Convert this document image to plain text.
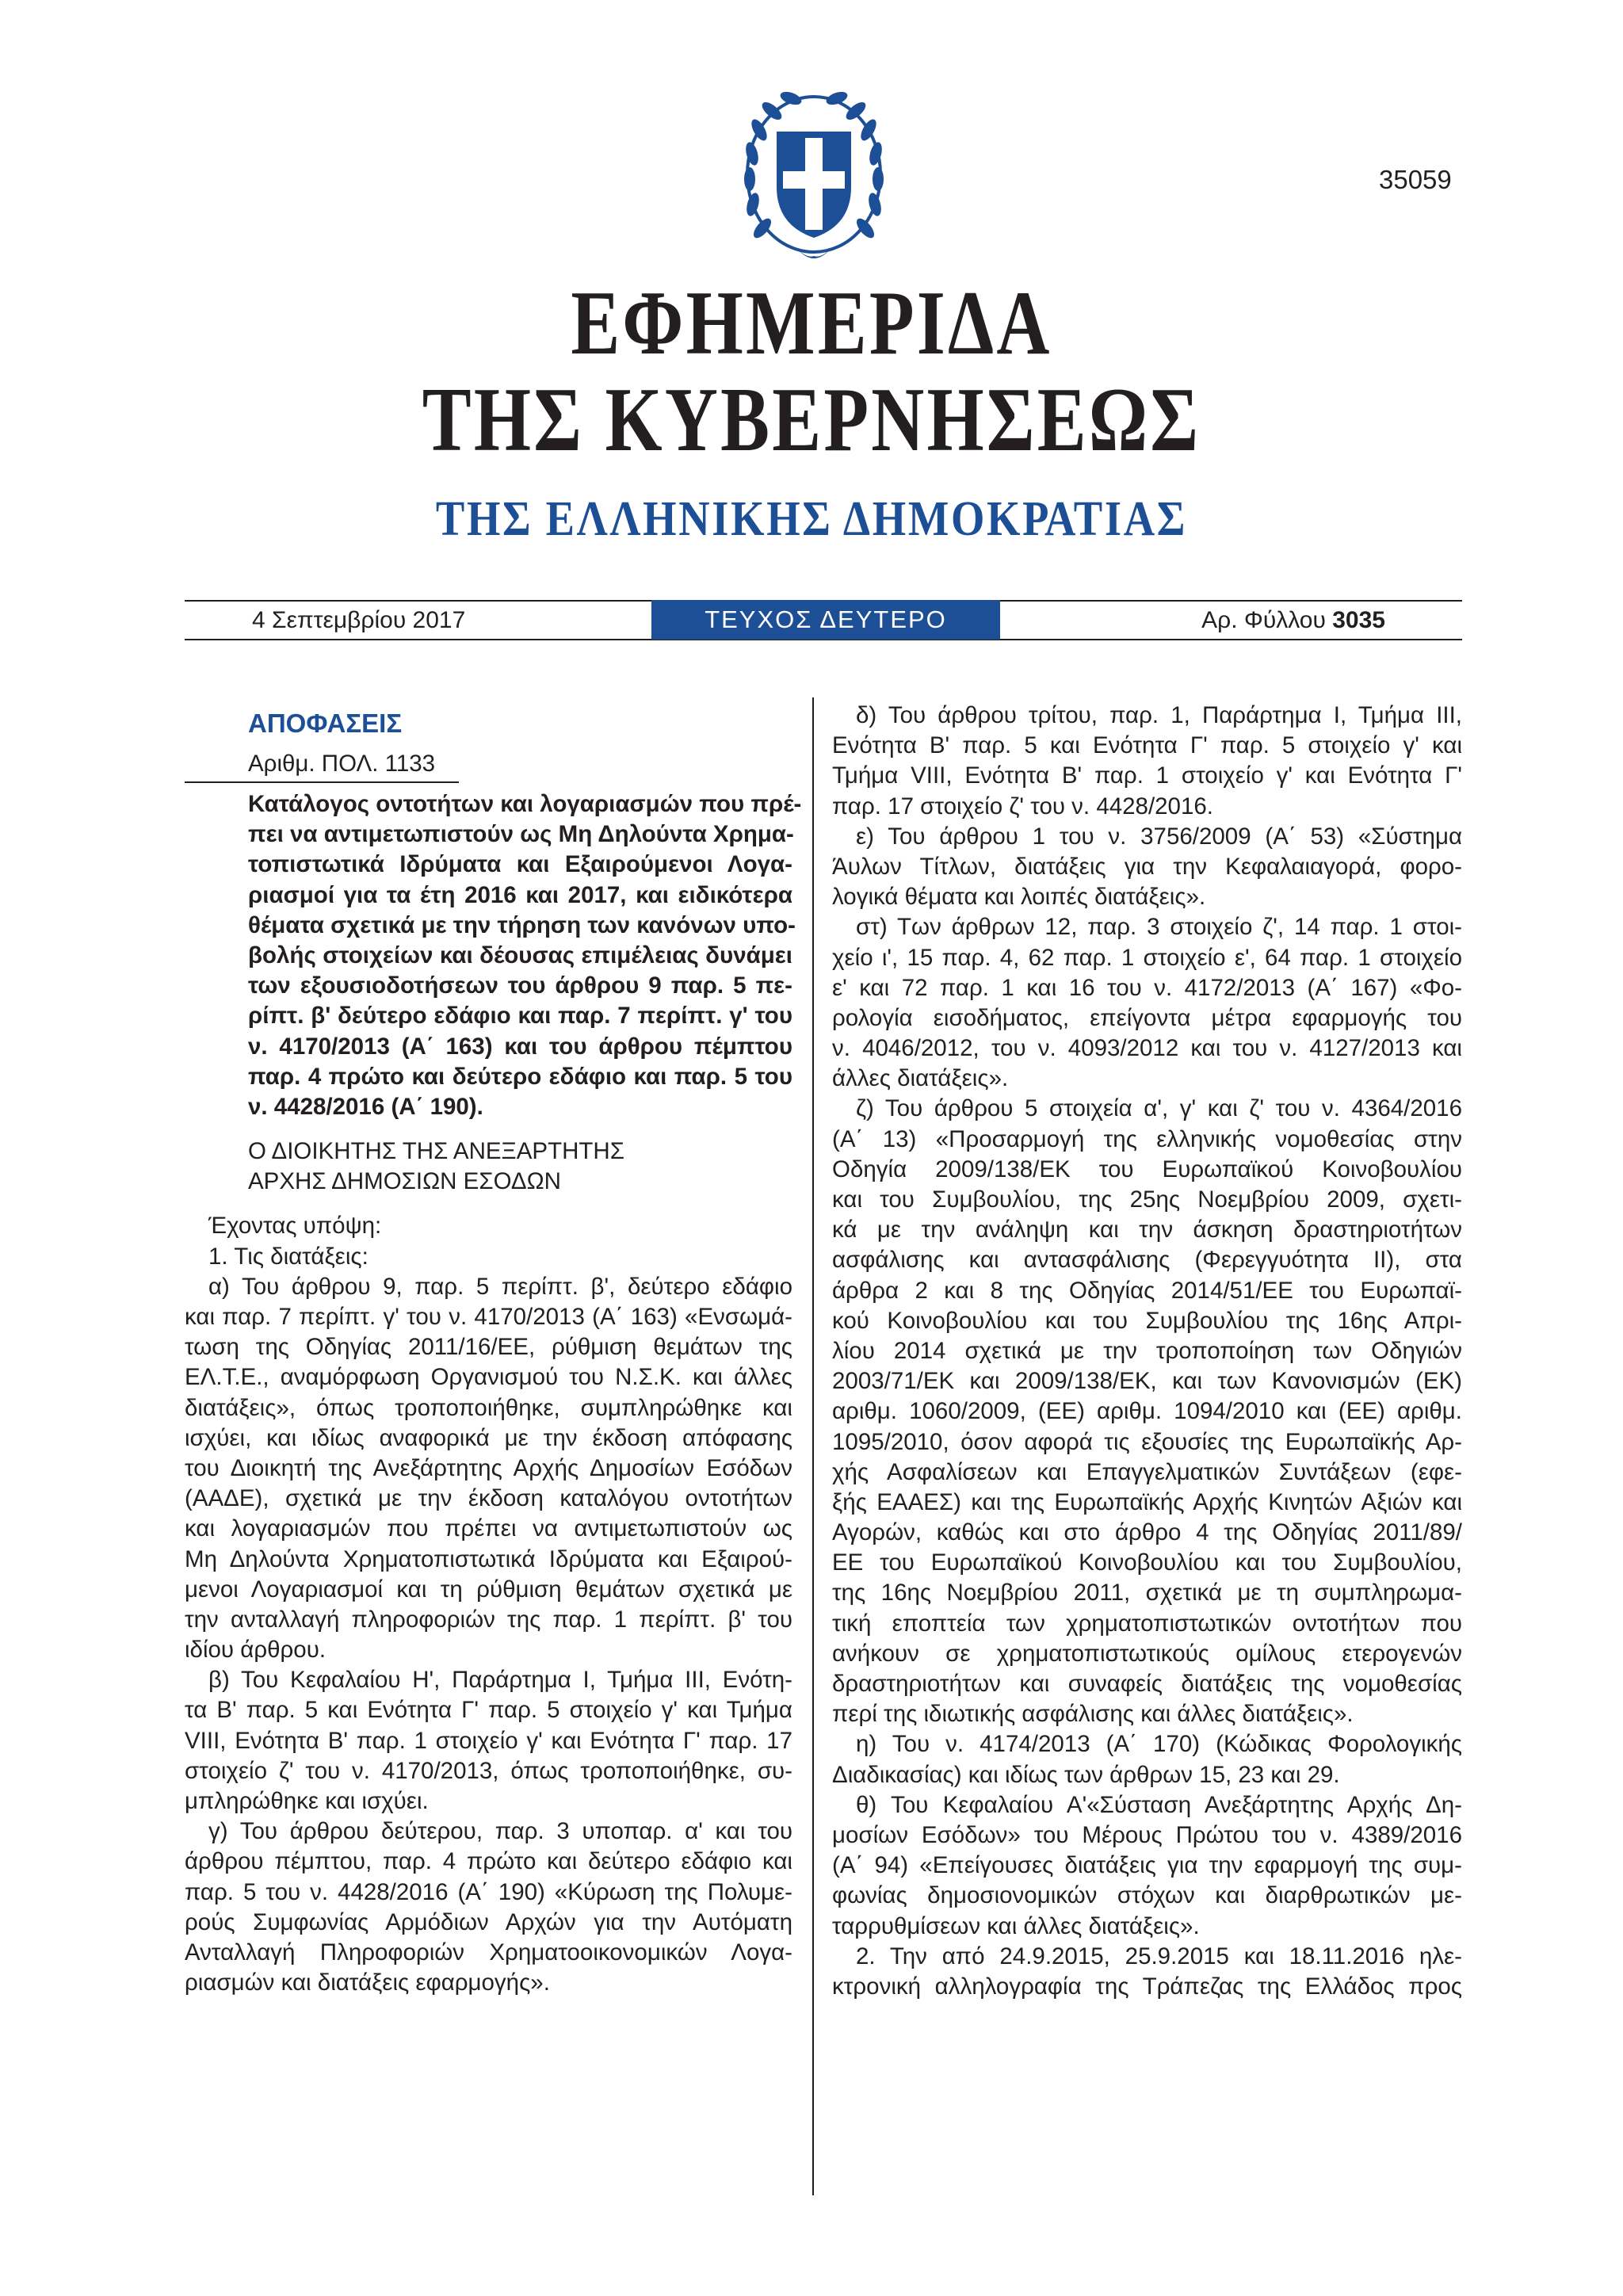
35059
ΕΦΗΜΕΡΙΔΑ
ΤΗΣ ΚΥΒΕΡΝΗΣΕΩΣ
ΤΗΣ ΕΛΛΗΝΙΚΗΣ ΔΗΜΟΚΡΑΤΙΑΣ
4 Σεπτεμβρίου 2017	ΤΕΥΧΟΣ ΔΕΥΤΕΡΟ	Αρ. Φύλλου 3035
ΑΠΟΦΑΣΕΙΣ
Αριθμ. ΠΟΛ. 1133
Κατάλογος οντοτήτων και λογαριασμών που πρέ-
πει να αντιμετωπιστούν ως Μη Δηλούντα Χρημα-
τοπιστωτικά Ιδρύματα και Εξαιρούμενοι Λογα-
ριασμοί για τα έτη 2016 και 2017, και ειδικότερα
θέματα σχετικά με την τήρηση των κανόνων υπο-
βολής στοιχείων και δέουσας επιμέλειας δυνάμει
των εξουσιοδοτήσεων του άρθρου 9 παρ. 5 πε-
ρίπτ. β' δεύτερο εδάφιο και παρ. 7 περίπτ. γ' του
ν. 4170/2013 (Α΄ 163) και του άρθρου πέμπτου
παρ. 4 πρώτο και δεύτερο εδάφιο και παρ. 5 του
ν. 4428/2016 (Α΄ 190).
Ο ΔΙΟΙΚΗΤΗΣ ΤΗΣ ΑΝΕΞΑΡΤΗΤΗΣ
ΑΡΧΗΣ ΔΗΜΟΣΙΩΝ ΕΣΟΔΩΝ
Έχοντας υπόψη:
1. Τις διατάξεις:
α) Του άρθρου 9, παρ. 5 περίπτ. β', δεύτερο εδάφιο
και παρ. 7 περίπτ. γ' του ν. 4170/2013 (Α΄ 163) «Ενσωμά-
τωση της Οδηγίας 2011/16/ΕΕ, ρύθμιση θεμάτων της
ΕΛ.Τ.Ε., αναμόρφωση Οργανισμού του Ν.Σ.Κ. και άλλες
διατάξεις», όπως τροποποιήθηκε, συμπληρώθηκε και
ισχύει, και ιδίως αναφορικά με την έκδοση απόφασης
του Διοικητή της Ανεξάρτητης Αρχής Δημοσίων Εσόδων
(ΑΑΔΕ), σχετικά με την έκδοση καταλόγου οντοτήτων
και λογαριασμών που πρέπει να αντιμετωπιστούν ως
Μη Δηλούντα Χρηματοπιστωτικά Ιδρύματα και Εξαιρού-
μενοι Λογαριασμοί και τη ρύθμιση θεμάτων σχετικά με
την ανταλλαγή πληροφοριών της παρ. 1 περίπτ. β' του
ιδίου άρθρου.
β) Του Κεφαλαίου Η', Παράρτημα Ι, Τμήμα ΙΙΙ, Ενότη-
τα Β' παρ. 5 και Ενότητα Γ' παρ. 5 στοιχείο γ' και Τμήμα
VIII, Ενότητα Β' παρ. 1 στοιχείο γ' και Ενότητα Γ' παρ. 17
στοιχείο ζ' του ν. 4170/2013, όπως τροποποιήθηκε, συ-
μπληρώθηκε και ισχύει.
γ) Του άρθρου δεύτερου, παρ. 3 υποπαρ. α' και του
άρθρου πέμπτου, παρ. 4 πρώτο και δεύτερο εδάφιο και
παρ. 5 του ν. 4428/2016 (Α΄ 190) «Κύρωση της Πολυμε-
ρούς Συμφωνίας Αρμόδιων Αρχών για την Αυτόματη
Ανταλλαγή Πληροφοριών Χρηματοοικονομικών Λογα-
ριασμών και διατάξεις εφαρμογής».
δ) Του άρθρου τρίτου, παρ. 1, Παράρτημα Ι, Τμήμα ΙΙΙ,
Ενότητα Β' παρ. 5 και Ενότητα Γ' παρ. 5 στοιχείο γ' και
Τμήμα VIII, Ενότητα Β' παρ. 1 στοιχείο γ' και Ενότητα Γ'
παρ. 17 στοιχείο ζ' του ν. 4428/2016.
ε) Του άρθρου 1 του ν. 3756/2009 (Α΄ 53) «Σύστημα
Άυλων Τίτλων, διατάξεις για την Κεφαλαιαγορά, φορο-
λογικά θέματα και λοιπές διατάξεις».
στ) Των άρθρων 12, παρ. 3 στοιχείο ζ', 14 παρ. 1 στοι-
χείο ι', 15 παρ. 4, 62 παρ. 1 στοιχείο ε', 64 παρ. 1 στοιχείο
ε' και 72 παρ. 1 και 16 του ν. 4172/2013 (Α΄ 167) «Φο-
ρολογία εισοδήματος, επείγοντα μέτρα εφαρμογής του
ν. 4046/2012, του ν. 4093/2012 και του ν. 4127/2013 και
άλλες διατάξεις».
ζ) Του άρθρου 5 στοιχεία α', γ' και ζ' του ν. 4364/2016
(Α΄ 13) «Προσαρμογή της ελληνικής νομοθεσίας στην
Οδηγία 2009/138/ΕΚ του Ευρωπαϊκού Κοινοβουλίου
και του Συμβουλίου, της 25ης Νοεμβρίου 2009, σχετι-
κά με την ανάληψη και την άσκηση δραστηριοτήτων
ασφάλισης και αντασφάλισης (Φερεγγυότητα ΙΙ), στα
άρθρα 2 και 8 της Οδηγίας 2014/51/ΕΕ του Ευρωπαϊ-
κού Κοινοβουλίου και του Συμβουλίου της 16ης Απρι-
λίου 2014 σχετικά με την τροποποίηση των Οδηγιών
2003/71/ΕΚ και 2009/138/ΕΚ, και των Κανονισμών (ΕΚ)
αριθμ. 1060/2009, (ΕΕ) αριθμ. 1094/2010 και (ΕΕ) αριθμ.
1095/2010, όσον αφορά τις εξουσίες της Ευρωπαϊκής Αρ-
χής Ασφαλίσεων και Επαγγελματικών Συντάξεων (εφε-
ξής ΕΑΑΕΣ) και της Ευρωπαϊκής Αρχής Κινητών Αξιών και
Αγορών, καθώς και στο άρθρο 4 της Οδηγίας 2011/89/
ΕΕ του Ευρωπαϊκού Κοινοβουλίου και του Συμβουλίου,
της 16ης Νοεμβρίου 2011, σχετικά με τη συμπληρωμα-
τική εποπτεία των χρηματοπιστωτικών οντοτήτων που
ανήκουν σε χρηματοπιστωτικούς ομίλους ετερογενών
δραστηριοτήτων και συναφείς διατάξεις της νομοθεσίας
περί της ιδιωτικής ασφάλισης και άλλες διατάξεις».
η) Του ν. 4174/2013 (Α΄ 170) (Κώδικας Φορολογικής
Διαδικασίας) και ιδίως των άρθρων 15, 23 και 29.
θ) Του Κεφαλαίου Α'«Σύσταση Ανεξάρτητης Αρχής Δη-
μοσίων Εσόδων» του Μέρους Πρώτου του ν. 4389/2016
(Α΄ 94) «Επείγουσες διατάξεις για την εφαρμογή της συμ-
φωνίας δημοσιονομικών στόχων και διαρθρωτικών με-
ταρρυθμίσεων και άλλες διατάξεις».
2. Την από 24.9.2015, 25.9.2015 και 18.11.2016 ηλε-
κτρονική αλληλογραφία της Τράπεζας της Ελλάδος προς
